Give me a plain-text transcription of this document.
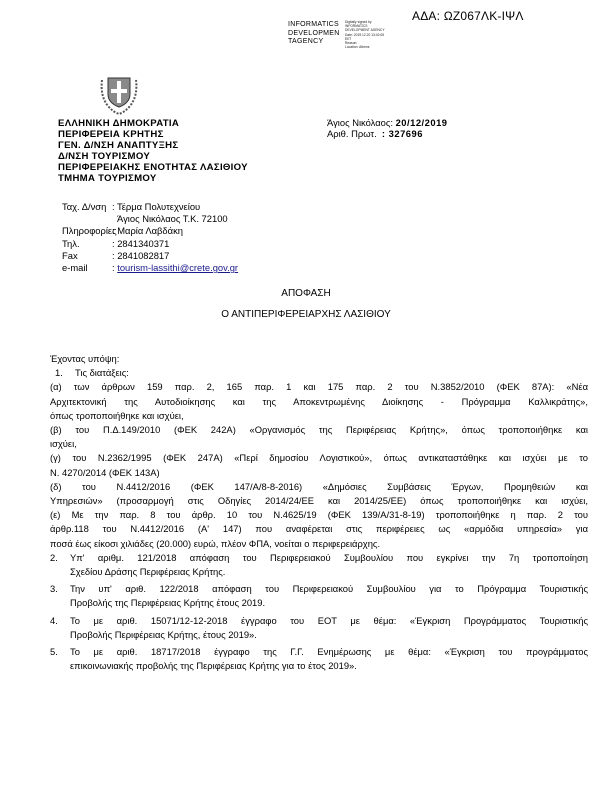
ΑΔΑ: ΩΖ067ΛΚ-ΙΨΛ
INFORMATICS
DEVELOPMEN
TAGENCY
Digitally signed by
INFORMATICS
DEVELOPMENT AGENCY
Date: 2019.12.20 13:42:05
EET
Reason:
Location: Athens
ΕΛΛΗΝΙΚΗ ΔΗΜΟΚΡΑΤΙΑ
ΠΕΡΙΦΕΡΕΙΑ ΚΡΗΤΗΣ
ΓΕΝ. Δ/ΝΣΗ ΑΝΑΠΤΥΞΗΣ
Δ/ΝΣΗ ΤΟΥΡΙΣΜΟΥ
ΠΕΡΙΦΕΡΕΙΑΚΗΣ ΕΝΟΤΗΤΑΣ ΛΑΣΙΘΙΟΥ
ΤΜΗΜΑ ΤΟΥΡΙΣΜΟΥ
Άγιος Νικόλαος: 20/12/2019
Αριθ. Πρωτ. : 327696
Ταχ. Δ/νση : Τέρμα Πολυτεχνείου
Άγιος Νικόλαος Τ.Κ. 72100
Πληροφορίες
: Μαρία Λαβδάκη
Τηλ.	: 2841340371
Fax	: 2841082817
e-mail	:
tourism-lassithi@crete.gov.gr
ΑΠΟΦΑΣΗ
Ο ΑΝΤΙΠΕΡΙΦΕΡΕΙΑΡΧΗΣ ΛΑΣΙΘΙΟΥ

Έχοντας υπόψη:

1.	Τις διατάξεις:

(α) των άρθρων 159 παρ. 2, 165 παρ. 1 και 175 παρ. 2 του Ν.3852/2010 (ΦΕΚ 87Α): «Νέα

Αρχιτεκτονική της Αυτοδιοίκησης και της Αποκεντρωμένης Διοίκησης - Πρόγραμμα Καλλικράτης»,

όπως τροποποιήθηκε και ισχύει,

(β) του Π.Δ.149/2010 (ΦΕΚ 242Α) «Οργανισμός της Περιφέρειας Κρήτης», όπως τροποποιήθηκε και

ισχύει,

(γ) του Ν.2362/1995 (ΦΕΚ 247Α) «Περί δημοσίου Λογιστικού», όπως αντικαταστάθηκε και ισχύει με το

Ν. 4270/2014 (ΦΕΚ 143Α)

(δ) του Ν.4412/2016 (ΦΕΚ 147/Α/8-8-2016) «Δημόσιες Συμβάσεις Έργων, Προμηθειών και

Υπηρεσιών» (προσαρμογή στις Οδηγίες 2014/24/ΕΕ και 2014/25/ΕΕ) όπως τροποποιήθηκε και ισχύει,

(ε) Με την παρ. 8 του άρθρ. 10 του Ν.4625/19 (ΦΕΚ 139/Α/31-8-19) τροποποιήθηκε η παρ. 2 του

άρθρ.118 του Ν.4412/2016 (Α' 147) που αναφέρεται στις περιφέρειες ως «αρμόδια υπηρεσία» για

ποσά έως είκοσι χιλιάδες (20.000) ευρώ, πλέον ΦΠΑ, νοείται ο περιφερειάρχης.

2.	Υπ' αριθμ. 121/2018 απόφαση του Περιφερειακού Συμβουλίου που εγκρίνει την 7η τροποποίηση

Σχεδίου Δράσης Περιφέρειας Κρήτης.

3.	Την υπ' αριθ. 122/2018 απόφαση του Περιφερειακού Συμβουλίου για το Πρόγραμμα Τουριστικής

Προβολής της Περιφέρειας Κρήτης έτους 2019.

4.	Το με αριθ. 15071/12-12-2018 έγγραφο του ΕΟΤ με θέμα: «Έγκριση Προγράμματος Τουριστικής

Προβολής Περιφέρειας Κρήτης, έτους 2019».

5.	Το με αριθ. 18717/2018 έγγραφο της Γ.Γ. Ενημέρωσης με θέμα: «Έγκριση του προγράμματος

επικοινωνιακής προβολής της Περιφέρειας Κρήτης για το έτος 2019».
